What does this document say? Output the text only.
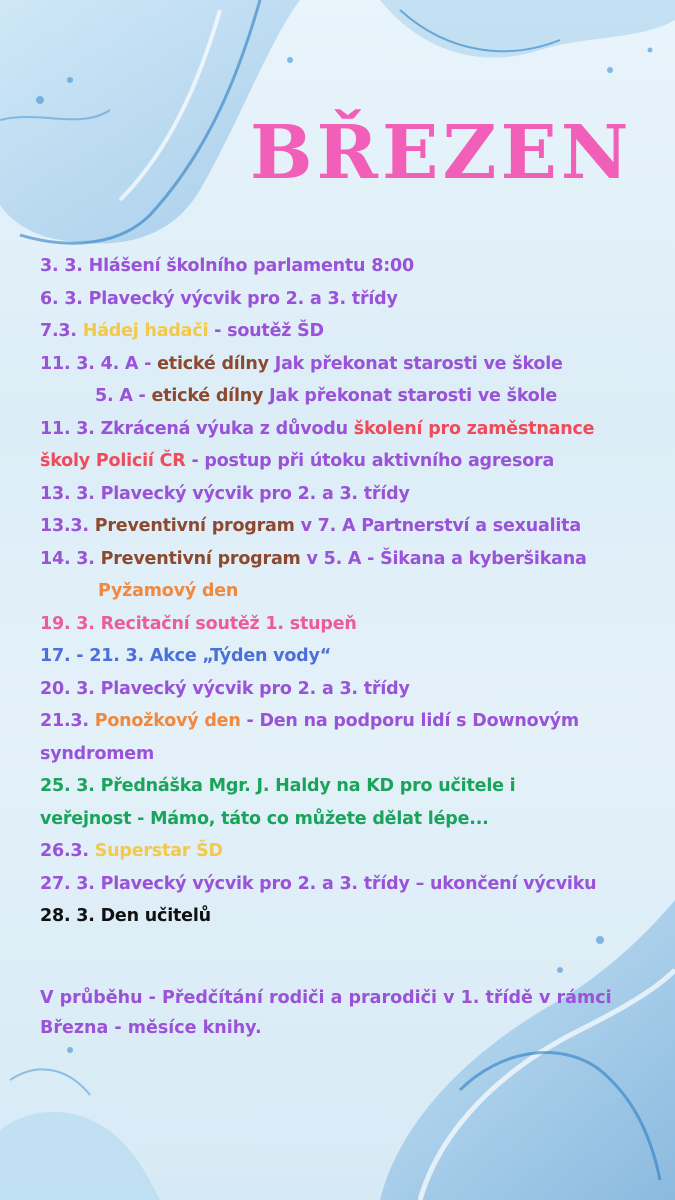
BŘEZEN
3. 3. Hlášení školního parlamentu 8:00
6. 3. Plavecký výcvik pro 2. a 3. třídy
7.3. Hádej hadači - soutěž ŠD
11. 3. 4. A - etické dílny Jak překonat starosti ve škole
5. A - etické dílny Jak překonat starosti ve škole
11. 3. Zkrácená výuka z důvodu školení pro zaměstnance
školy Policií ČR - postup při útoku aktivního agresora
13. 3. Plavecký výcvik pro 2. a 3. třídy
13.3. Preventivní program v 7. A Partnerství a sexualita
14. 3. Preventivní program v 5. A - Šikana a kyberšikana
Pyžamový den
19. 3. Recitační soutěž 1. stupeň
17. - 21. 3. Akce „Týden vody“
20. 3. Plavecký výcvik pro 2. a 3. třídy
21.3. Ponožkový den - Den na podporu lidí s Downovým
syndromem
25. 3. Přednáška Mgr. J. Haldy na KD pro učitele i
veřejnost - Mámo, táto co můžete dělat lépe...
26.3. Superstar ŠD
27. 3. Plavecký výcvik pro 2. a 3. třídy – ukončení výcviku
28. 3. Den učitelů
V průběhu - Předčítání rodiči a prarodiči v 1. třídě v rámci
Března - měsíce knihy.
